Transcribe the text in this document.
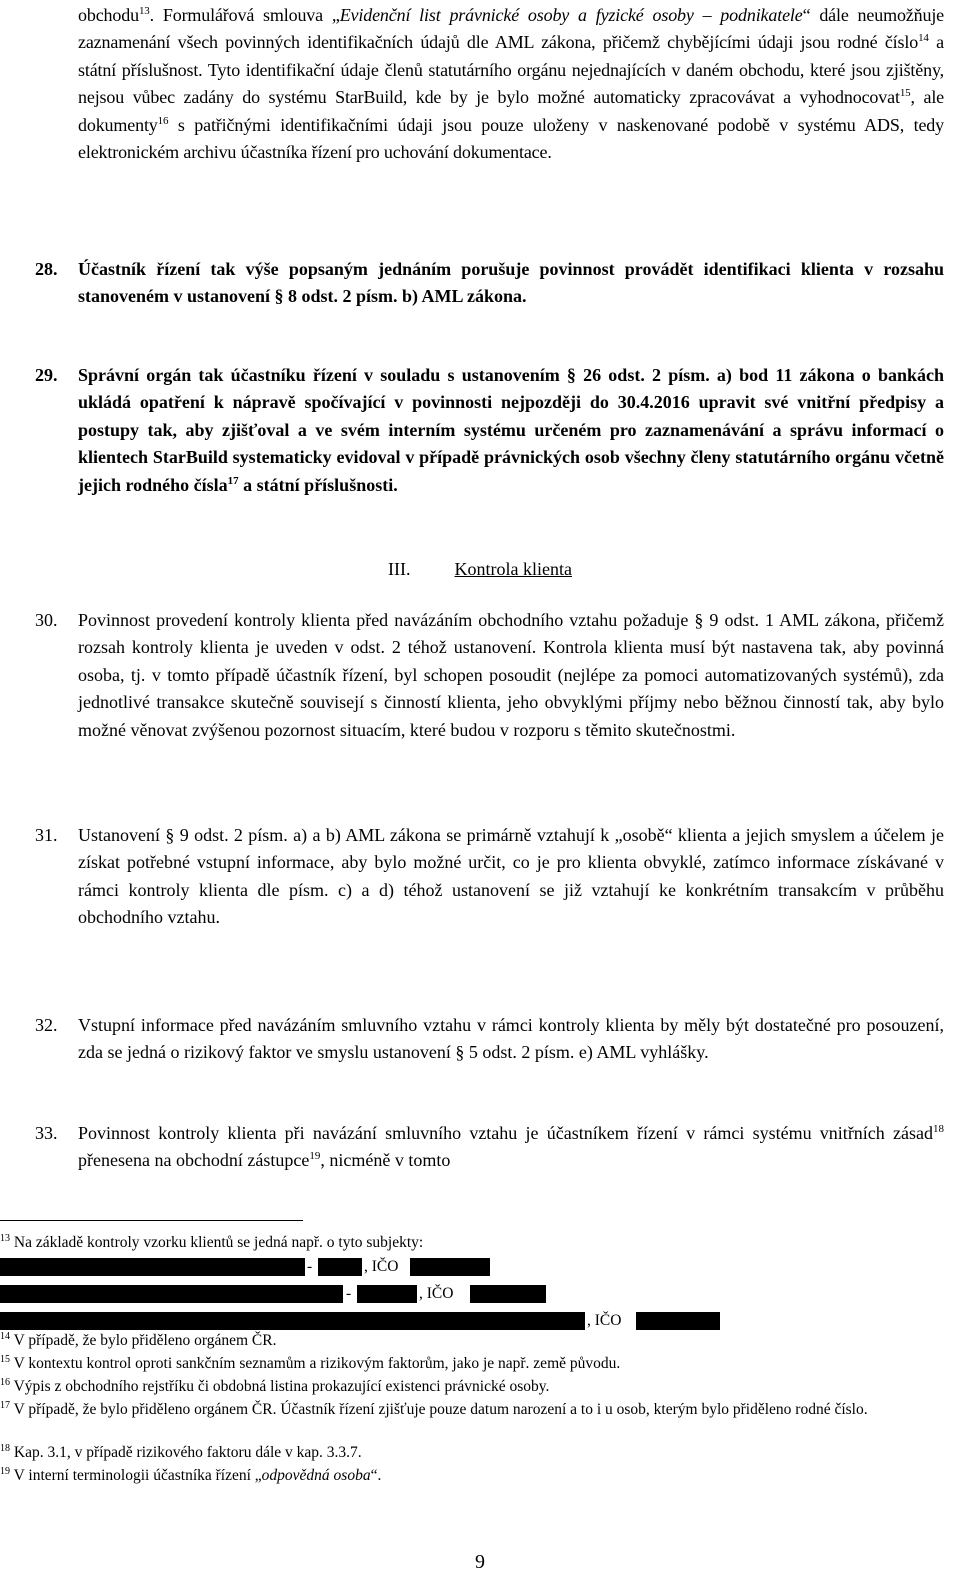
obchodu$^{13}$. Formulářová smlouva „Evidenční list právnické osoby a fyzické osoby – podnikatele“ dále neumožňuje zaznamenání všech povinných identifikačních údajů dle AML zákona, přičemž chybějícími údaji jsou rodné číslo$^{14}$ a státní příslušnost. Tyto identifikační údaje členů statutárního orgánu nejednajících v daném obchodu, které jsou zjištěny, nejsou vůbec zadány do systému StarBuild, kde by je bylo možné automaticky zpracovávat a vyhodnocovat$^{15}$, ale dokumenty$^{16}$ s patřičnými identifikačními údaji jsou pouze uloženy v naskenované podobě v systému ADS, tedy elektronickém archivu účastníka řízení pro uchování dokumentace.

28. Účastník řízení tak výše popsaným jednáním porušuje povinnost provádět identifikaci klienta v rozsahu stanoveném v ustanovení § 8 odst. 2 písm. b) AML zákona.

29. Správní orgán tak účastníku řízení v souladu s ustanovením § 26 odst. 2 písm. a) bod 11 zákona o bankách ukládá opatření k nápravě spočívající v povinnosti nejpozději do 30.4.2016 upravit své vnitřní předpisy a postupy tak, aby zjišťoval a ve svém interním systému určeném pro zaznamenávání a správu informací o klientech StarBuild systematicky evidoval v případě právnických osob všechny členy statutárního orgánu včetně jejich rodného čísla$^{17}$ a státní příslušnosti.

III. Kontrola klienta

30. Povinnost provedení kontroly klienta před navázáním obchodního vztahu požaduje § 9 odst. 1 AML zákona, přičemž rozsah kontroly klienta je uveden v odst. 2 téhož ustanovení. Kontrola klienta musí být nastavena tak, aby povinná osoba, tj. v tomto případě účastník řízení, byl schopen posoudit (nejlépe za pomoci automatizovaných systémů), zda jednotlivé transakce skutečně souvisejí s činností klienta, jeho obvyklými příjmy nebo běžnou činností tak, aby bylo možné věnovat zvýšenou pozornost situacím, které budou v rozporu s těmito skutečnostmi.

31. Ustanovení § 9 odst. 2 písm. a) a b) AML zákona se primárně vztahují k „osobě“ klienta a jejich smyslem a účelem je získat potřebné vstupní informace, aby bylo možné určit, co je pro klienta obvyklé, zatímco informace získávané v rámci kontroly klienta dle písm. c) a d) téhož ustanovení se již vztahují ke konkrétním transakcím v průběhu obchodního vztahu.

32. Vstupní informace před navázáním smluvního vztahu v rámci kontroly klienta by měly být dostatečné pro posouzení, zda se jedná o rizikový faktor ve smyslu ustanovení § 5 odst. 2 písm. e) AML vyhlášky.

33. Povinnost kontroly klienta při navázání smluvního vztahu je účastníkem řízení v rámci systému vnitřních zásad$^{18}$ přenesena na obchodní zástupce$^{19}$, nicméně v tomto

$^{13}$ Na základě kontroly vzorku klientů se jedná např. o tyto subjekty:

-	, IČO

-	, IČO

, IČO

$^{14}$ V případě, že bylo přiděleno orgánem ČR.

$^{15}$ V kontextu kontrol oproti sankčním seznamům a rizikovým faktorům, jako je např. země původu.

$^{16}$ Výpis z obchodního rejstříku či obdobná listina prokazující existenci právnické osoby.

$^{17}$ V případě, že bylo přiděleno orgánem ČR. Účastník řízení zjišťuje pouze datum narození a to i u osob, kterým bylo přiděleno rodné číslo.

$^{18}$ Kap. 3.1, v případě rizikového faktoru dále v kap. 3.3.7.

$^{19}$ V interní terminologii účastníka řízení „odpovědná osoba“.

9
